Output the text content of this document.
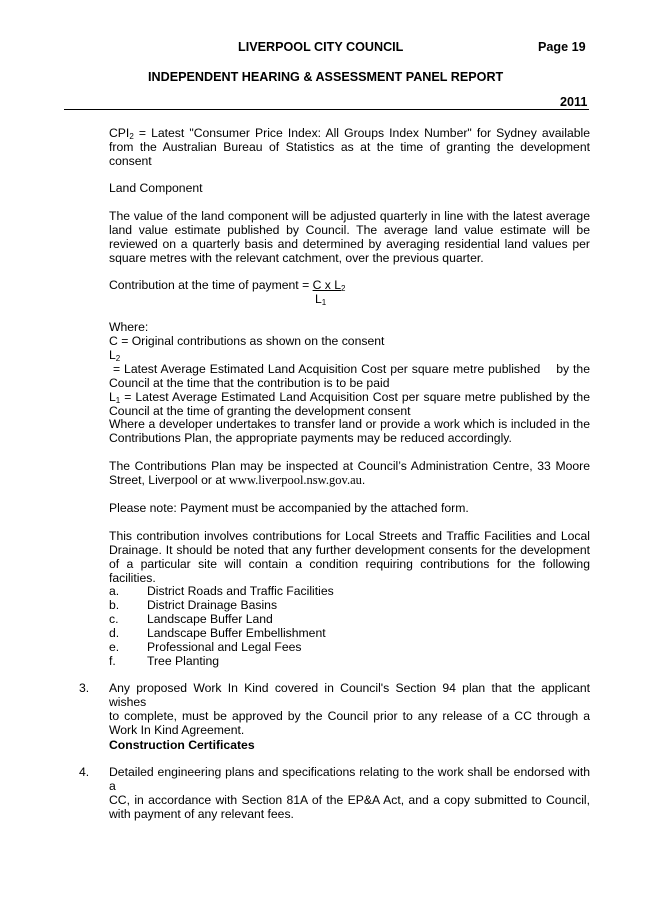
LIVERPOOL CITY COUNCIL	Page 19
INDEPENDENT HEARING & ASSESSMENT PANEL REPORT
2011
$CPI_2$ = Latest "Consumer Price Index: All Groups Index Number" for Sydney available
from the Australian Bureau of Statistics as at the time of granting the development
consent
Land Component
The value of the land component will be adjusted quarterly in line with the latest average
land value estimate published by Council. The average land value estimate will be
reviewed on a quarterly basis and determined by averaging residential land values per
square metres with the relevant catchment, over the previous quarter.
Contribution at the time of payment = C x $L_2$
$L_1$
Where:
C = Original contributions as shown on the consent
$L_2$ = Latest Average Estimated Land Acquisition Cost per square metre published    by the
Council at the time that the contribution is to be paid
$L_1$ = Latest Average Estimated Land Acquisition Cost per square metre published by the
Council at the time of granting the development consent
Where a developer undertakes to transfer land or provide a work which is included in the
Contributions Plan, the appropriate payments may be reduced accordingly.
The Contributions Plan may be inspected at Council’s Administration Centre, 33 Moore
Street, Liverpool or at www.liverpool.nsw.gov.au.
Please note: Payment must be accompanied by the attached form.
This contribution involves contributions for Local Streets and Traffic Facilities and Local
Drainage. It should be noted that any further development consents for the development
of a particular site will contain a condition requiring contributions for the following facilities.
a. District Roads and Traffic Facilities
b. District Drainage Basins
c. Landscape Buffer Land
d. Landscape Buffer Embellishment
e. Professional and Legal Fees
f.	Tree Planting
3. Any proposed Work In Kind covered in Council's Section 94 plan that the applicant wishes
to complete, must be approved by the Council prior to any release of a CC through a
Work In Kind Agreement.
Construction Certificates
4. Detailed engineering plans and specifications relating to the work shall be endorsed with a
CC, in accordance with Section 81A of the EP&A Act, and a copy submitted to Council,
with payment of any relevant fees.
